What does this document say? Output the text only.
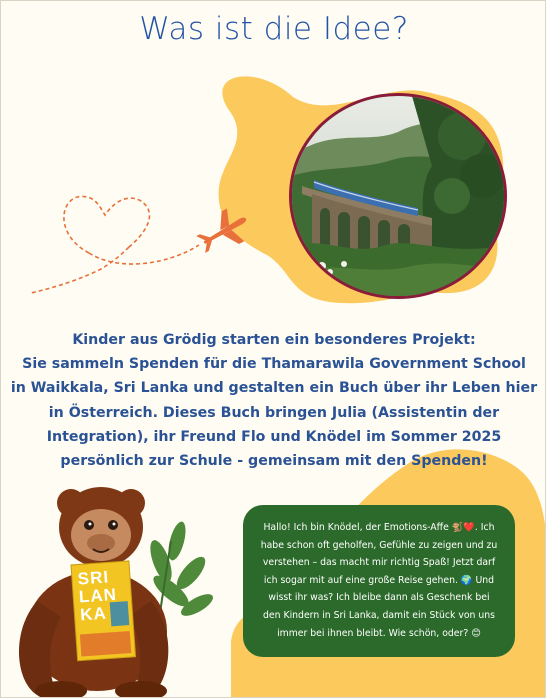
Was ist die Idee?
Kinder aus Grödig starten ein besonderes Projekt:
Sie sammeln Spenden für die Thamarawila Government School
in Waikkala, Sri Lanka und gestalten ein Buch über ihr Leben hier
in Österreich. Dieses Buch bringen Julia (Assistentin der
Integration), ihr Freund Flo und Knödel im Sommer 2025
persönlich zur Schule - gemeinsam mit den Spenden!
SRI
LAN
KA
Hallo! Ich bin Knödel, der Emotions-Affe 🐒❤️. Ich
habe schon oft geholfen, Gefühle zu zeigen und zu
verstehen – das macht mir richtig Spaß! Jetzt darf
ich sogar mit auf eine große Reise gehen. 🌍 Und
wisst ihr was? Ich bleibe dann als Geschenk bei
den Kindern in Sri Lanka, damit ein Stück von uns
immer bei ihnen bleibt. Wie schön, oder? 😊
